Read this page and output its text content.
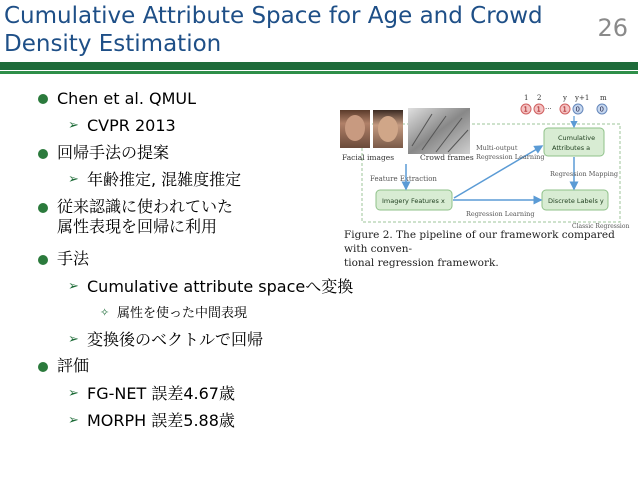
Cumulative Attribute Space for Age and Crowd Density Estimation
26
Chen et al. QMUL
➢ CVPR 2013
回帰手法の提案
➢ 年齢推定, 混雑度推定
従来認識に使われていた
属性表現を回帰に利用
手法
➢ Cumulative attribute spaceへ変換
✧ 属性を使った中間表現
➢ 変換後のベクトルで回帰
評価
➢ FG-NET 誤差4.67歳
➢ MORPH 誤差5.88歳
Facial images	Crowd frames
Feature Extraction
1 2	y y+1 m
1 1 ··· 1 0	0
Cumulative
Attributes a
Imagery Features x	Discrete Labels y
Multi-output
Regression Learning
Regression Mapping
Regression Learning
Classic Regression
Figure 2. The pipeline of our framework compared with conven-
tional regression framework.
